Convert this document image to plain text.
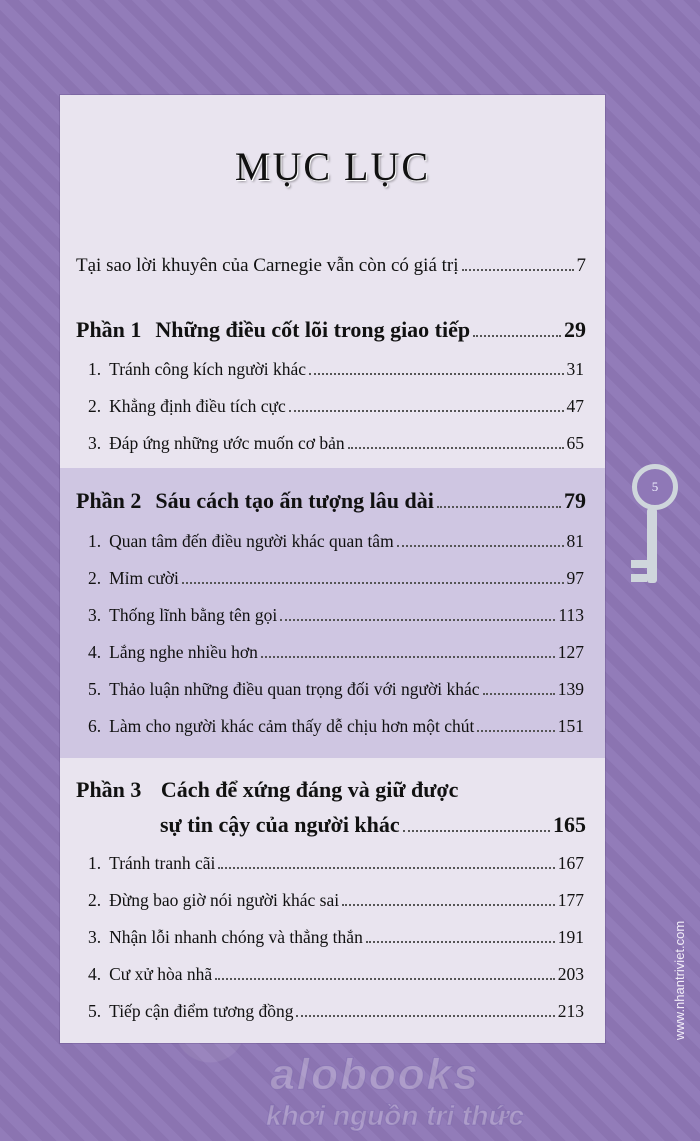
MỤC LỤC
Tại sao lời khuyên của Carnegie vẫn còn có giá trị	7
Phần 1 Những điều cốt lõi trong giao tiếp	29
1. Tránh công kích người khác	31
2. Khẳng định điều tích cực	47
3. Đáp ứng những ước muốn cơ bản	65
Phần 2 Sáu cách tạo ấn tượng lâu dài	79
1. Quan tâm đến điều người khác quan tâm	81
2. Mỉm cười	97
3. Thống lĩnh bằng tên gọi	113
4. Lắng nghe nhiều hơn	127
5. Thảo luận những điều quan trọng đối với người khác	139
6. Làm cho người khác cảm thấy dễ chịu hơn một chút	151
Phần 3 Cách để xứng đáng và giữ được
sự tin cậy của người khác	165
1. Tránh tranh cãi	167
2. Đừng bao giờ nói người khác sai	177
3. Nhận lỗi nhanh chóng và thẳng thắn	191
4. Cư xử hòa nhã	203
5. Tiếp cận điểm tương đồng	213
5
www.nhantriviet.com
alobooks
khơi nguồn tri thức
